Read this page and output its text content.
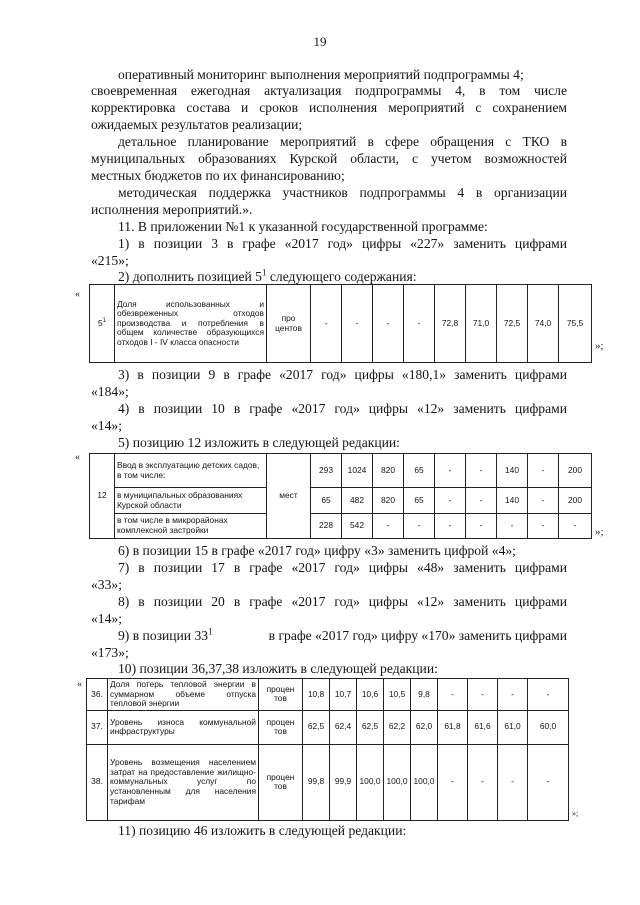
19
оперативный мониторинг выполнения мероприятий подпрограммы 4;
своевременная ежегодная актуализация подпрограммы 4, в том числе
корректировка состава и сроков исполнения мероприятий с сохранением
ожидаемых результатов реализации;
детальное планирование мероприятий в сфере обращения с ТКО в
муниципальных образованиях Курской области, с учетом возможностей
местных бюджетов по их финансированию;
методическая поддержка участников подпрограммы 4 в организации
исполнения мероприятий.».
11. В приложении №1 к указанной государственной программе:
1) в позиции 3 в графе «2017 год» цифры «227» заменить цифрами
«215»;
2) дополнить позицией $5^1$ следующего содержания:
«
$5^1$	Доля использованных и обезвреженных отходов производства и потребления в общем количестве образующихся отходов I - IV класса опасности	про центов	-	-	-	-	72,8	71,0	72,5	74,0	75,5
»;
3) в позиции 9 в графе «2017 год» цифры «180,1» заменить цифрами
«184»;
4) в позиции 10 в графе «2017 год» цифры «12» заменить цифрами
«14»;
5) позицию 12 изложить в следующей редакции:
«
12	Ввод в эксплуатацию детских садов, в том числе:	мест	293	1024	820	65	-	-	140	-	200
	в муниципальных образованиях Курской области		65	482	820	65	-	-	140	-	200
	в том числе в микрорайонах комплексной застройки		228	542	-	-	-	-	-	-	-
»;
6) в позиции 15 в графе «2017 год» цифру «3» заменить цифрой «4»;
7) в позиции 17 в графе «2017 год» цифры «48» заменить цифрами
«33»;
8) в позиции 20 в графе «2017 год» цифры «12» заменить цифрами
«14»;
9) в позиции $33^1$	в графе «2017 год» цифру «170» заменить цифрами
«173»;
10) позиции 36,37,38 изложить в следующей редакции:
«
36.	Доля потерь тепловой энергии в суммарном объеме отпуска тепловой энергии	процен тов	10,8	10,7	10,6	10,5	9,8	-	-	-	-
37.	Уровень износа коммунальной инфраструктуры	процен тов	62,5	62,4	62,5	62,2	62,0	61,8	61,6	61,0	60,0
38.	Уровень возмещения населением затрат на предоставление жилищно-коммунальных услуг по установленным для населения тарифам	процен тов	99,8	99,9	100,0	100,0	100,0	-	-	-	-
»;
11) позицию 46 изложить в следующей редакции:
